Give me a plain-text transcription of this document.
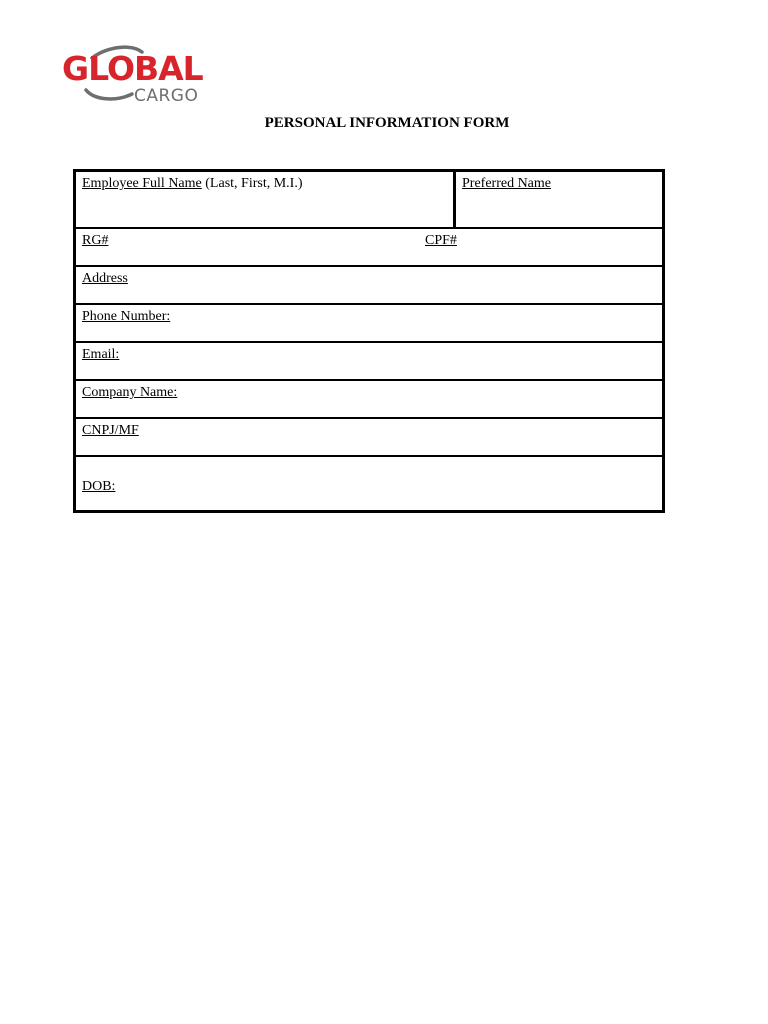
GLOBAL
CARGO
PERSONAL INFORMATION FORM
Employee Full Name (Last, First, M.I.)	Preferred Name
RG#	CPF#
Address
Phone Number:
Email:
Company Name:
CNPJ/MF
DOB:
